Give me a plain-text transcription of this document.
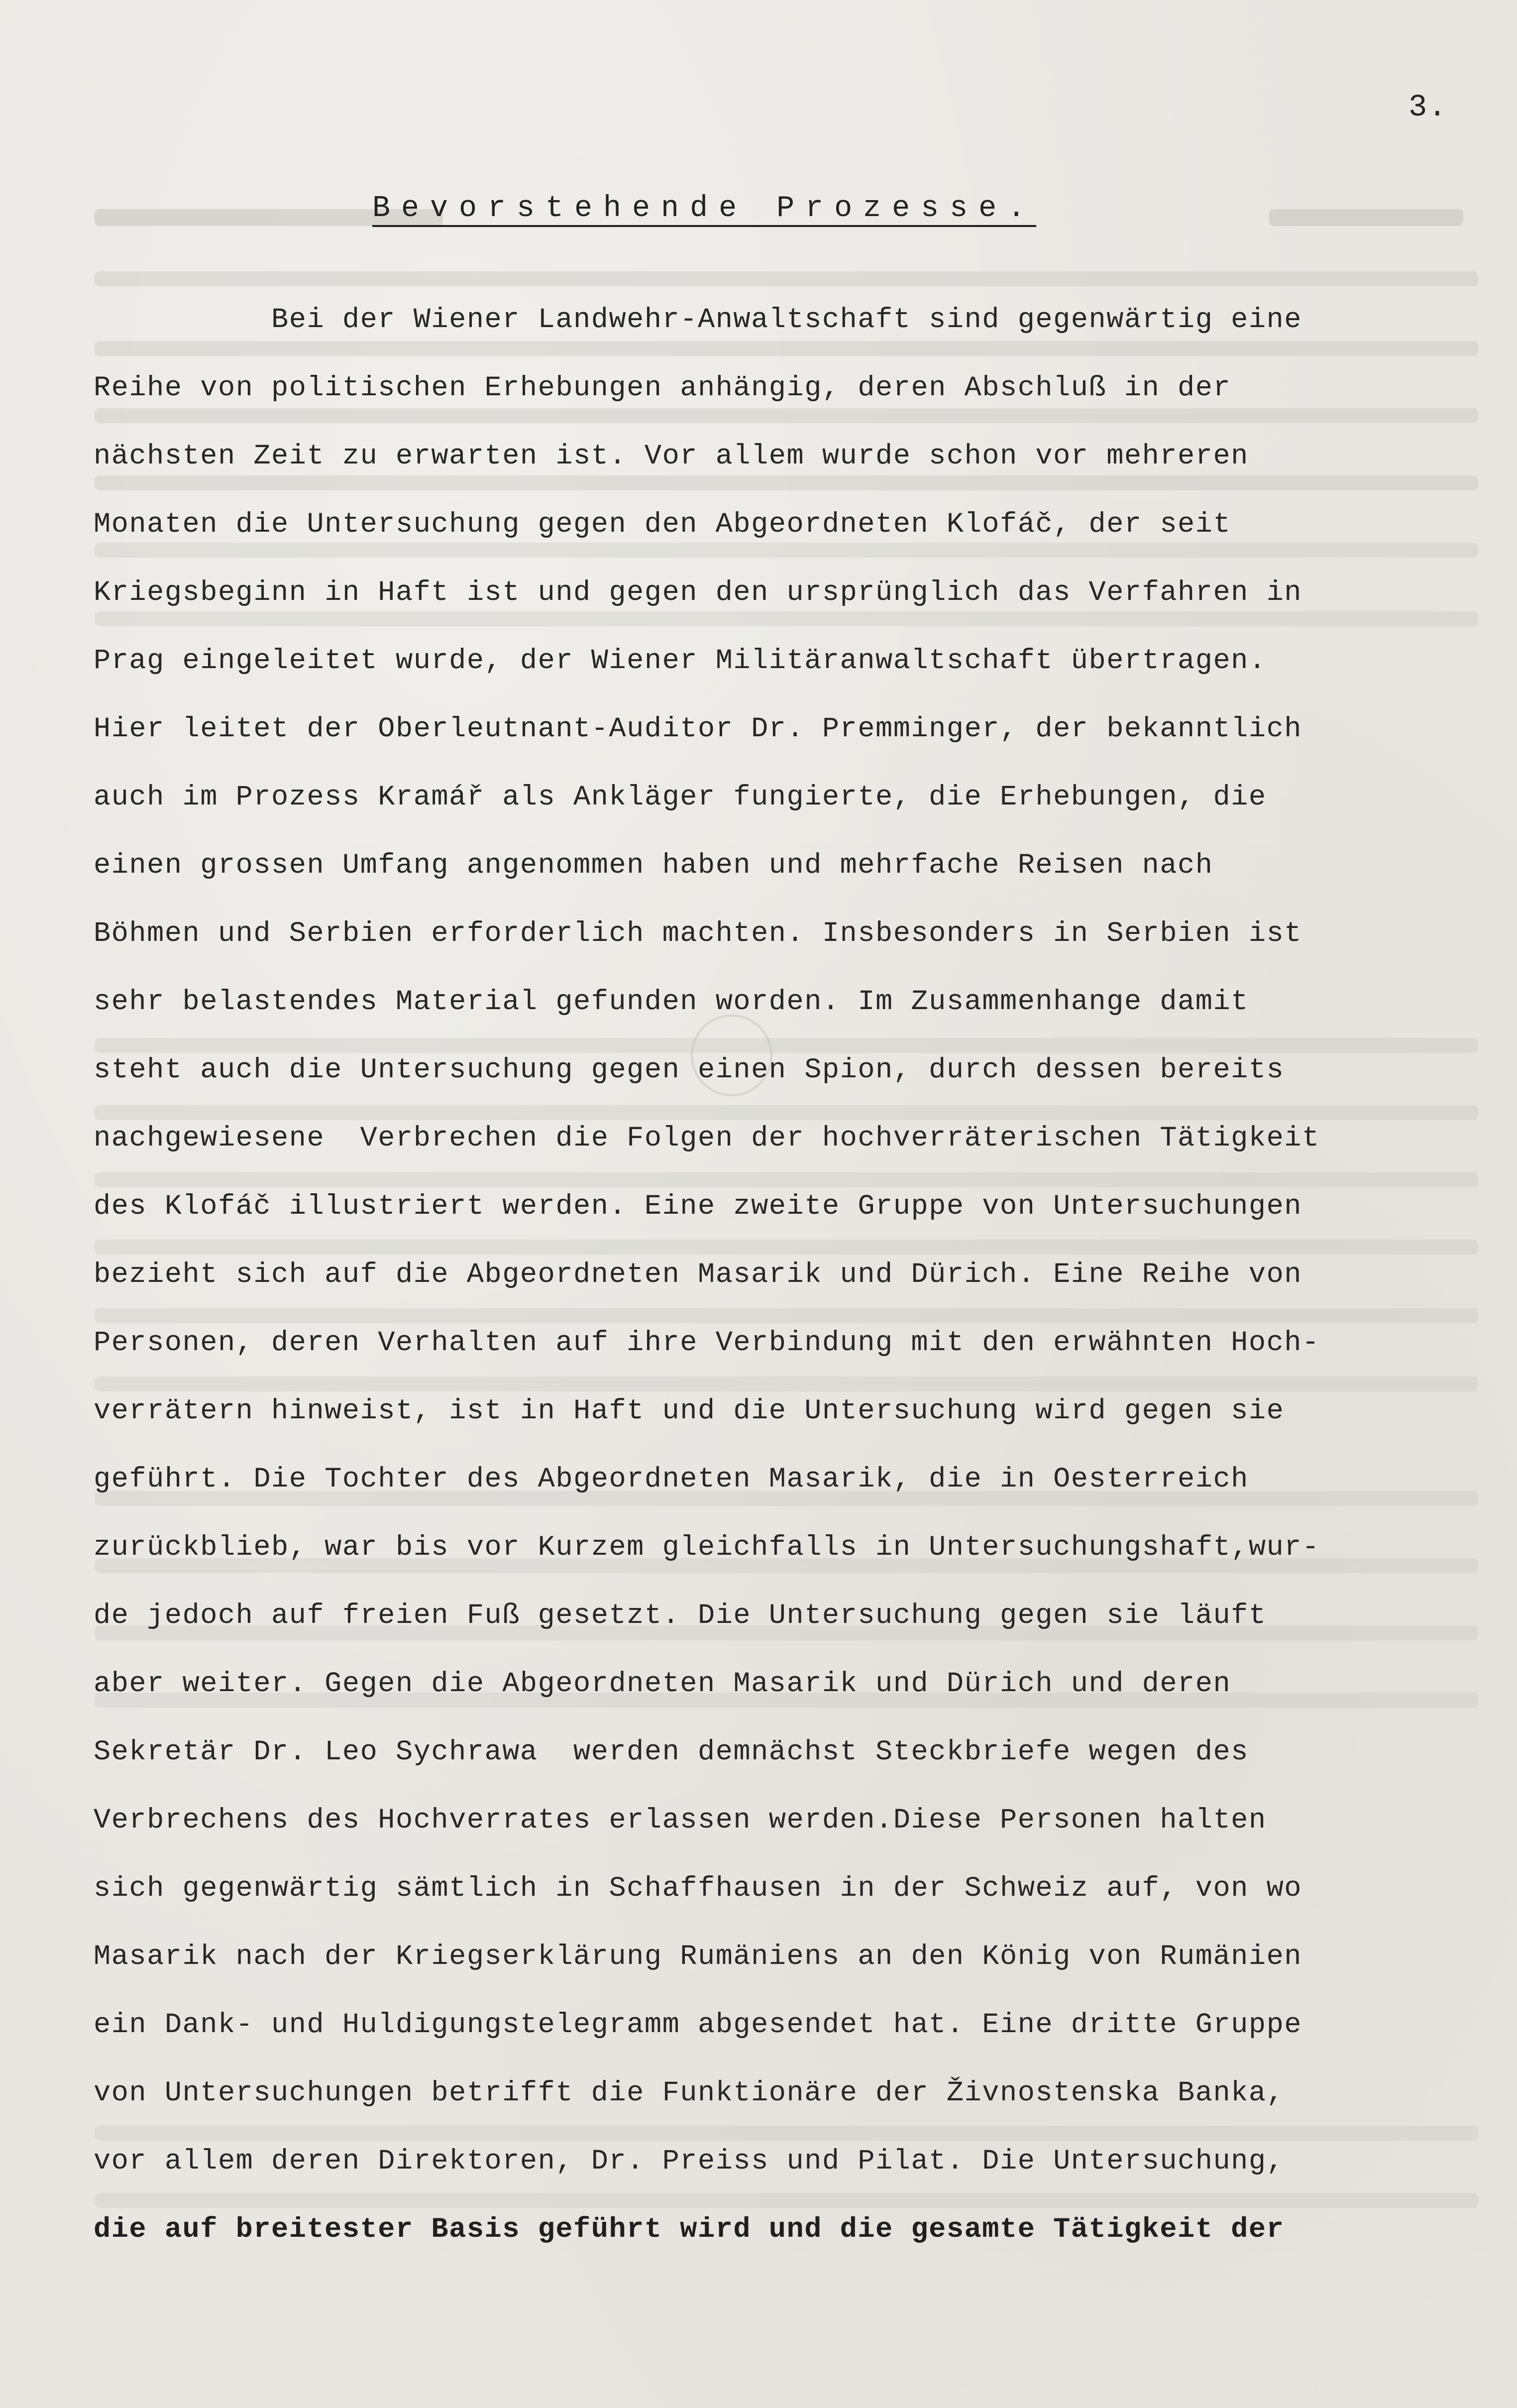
3.
Bevorstehende Prozesse.
Bei der Wiener Landwehr-Anwaltschaft sind gegenwärtig eine
Reihe von politischen Erhebungen anhängig, deren Abschluß in der
nächsten Zeit zu erwarten ist. Vor allem wurde schon vor mehreren
Monaten die Untersuchung gegen den Abgeordneten Klofáč, der seit
Kriegsbeginn in Haft ist und gegen den ursprünglich das Verfahren in
Prag eingeleitet wurde, der Wiener Militäranwaltschaft übertragen.
Hier leitet der Oberleutnant-Auditor Dr. Premminger, der bekanntlich
auch im Prozess Kramář als Ankläger fungierte, die Erhebungen, die
einen grossen Umfang angenommen haben und mehrfache Reisen nach
Böhmen und Serbien erforderlich machten. Insbesonders in Serbien ist
sehr belastendes Material gefunden worden. Im Zusammenhange damit
steht auch die Untersuchung gegen einen Spion, durch dessen bereits
nachgewiesene  Verbrechen die Folgen der hochverräterischen Tätigkeit
des Klofáč illustriert werden. Eine zweite Gruppe von Untersuchungen
bezieht sich auf die Abgeordneten Masarik und Dürich. Eine Reihe von
Personen, deren Verhalten auf ihre Verbindung mit den erwähnten Hoch-
verrätern hinweist, ist in Haft und die Untersuchung wird gegen sie
geführt. Die Tochter des Abgeordneten Masarik, die in Oesterreich
zurückblieb, war bis vor Kurzem gleichfalls in Untersuchungshaft,wur-
de jedoch auf freien Fuß gesetzt. Die Untersuchung gegen sie läuft
aber weiter. Gegen die Abgeordneten Masarik und Dürich und deren
Sekretär Dr. Leo Sychrawa  werden demnächst Steckbriefe wegen des
Verbrechens des Hochverrates erlassen werden.Diese Personen halten
sich gegenwärtig sämtlich in Schaffhausen in der Schweiz auf, von wo
Masarik nach der Kriegserklärung Rumäniens an den König von Rumänien
ein Dank- und Huldigungstelegramm abgesendet hat. Eine dritte Gruppe
von Untersuchungen betrifft die Funktionäre der Živnostenska Banka,
vor allem deren Direktoren, Dr. Preiss und Pilat. Die Untersuchung,
die auf breitester Basis geführt wird und die gesamte Tätigkeit der
